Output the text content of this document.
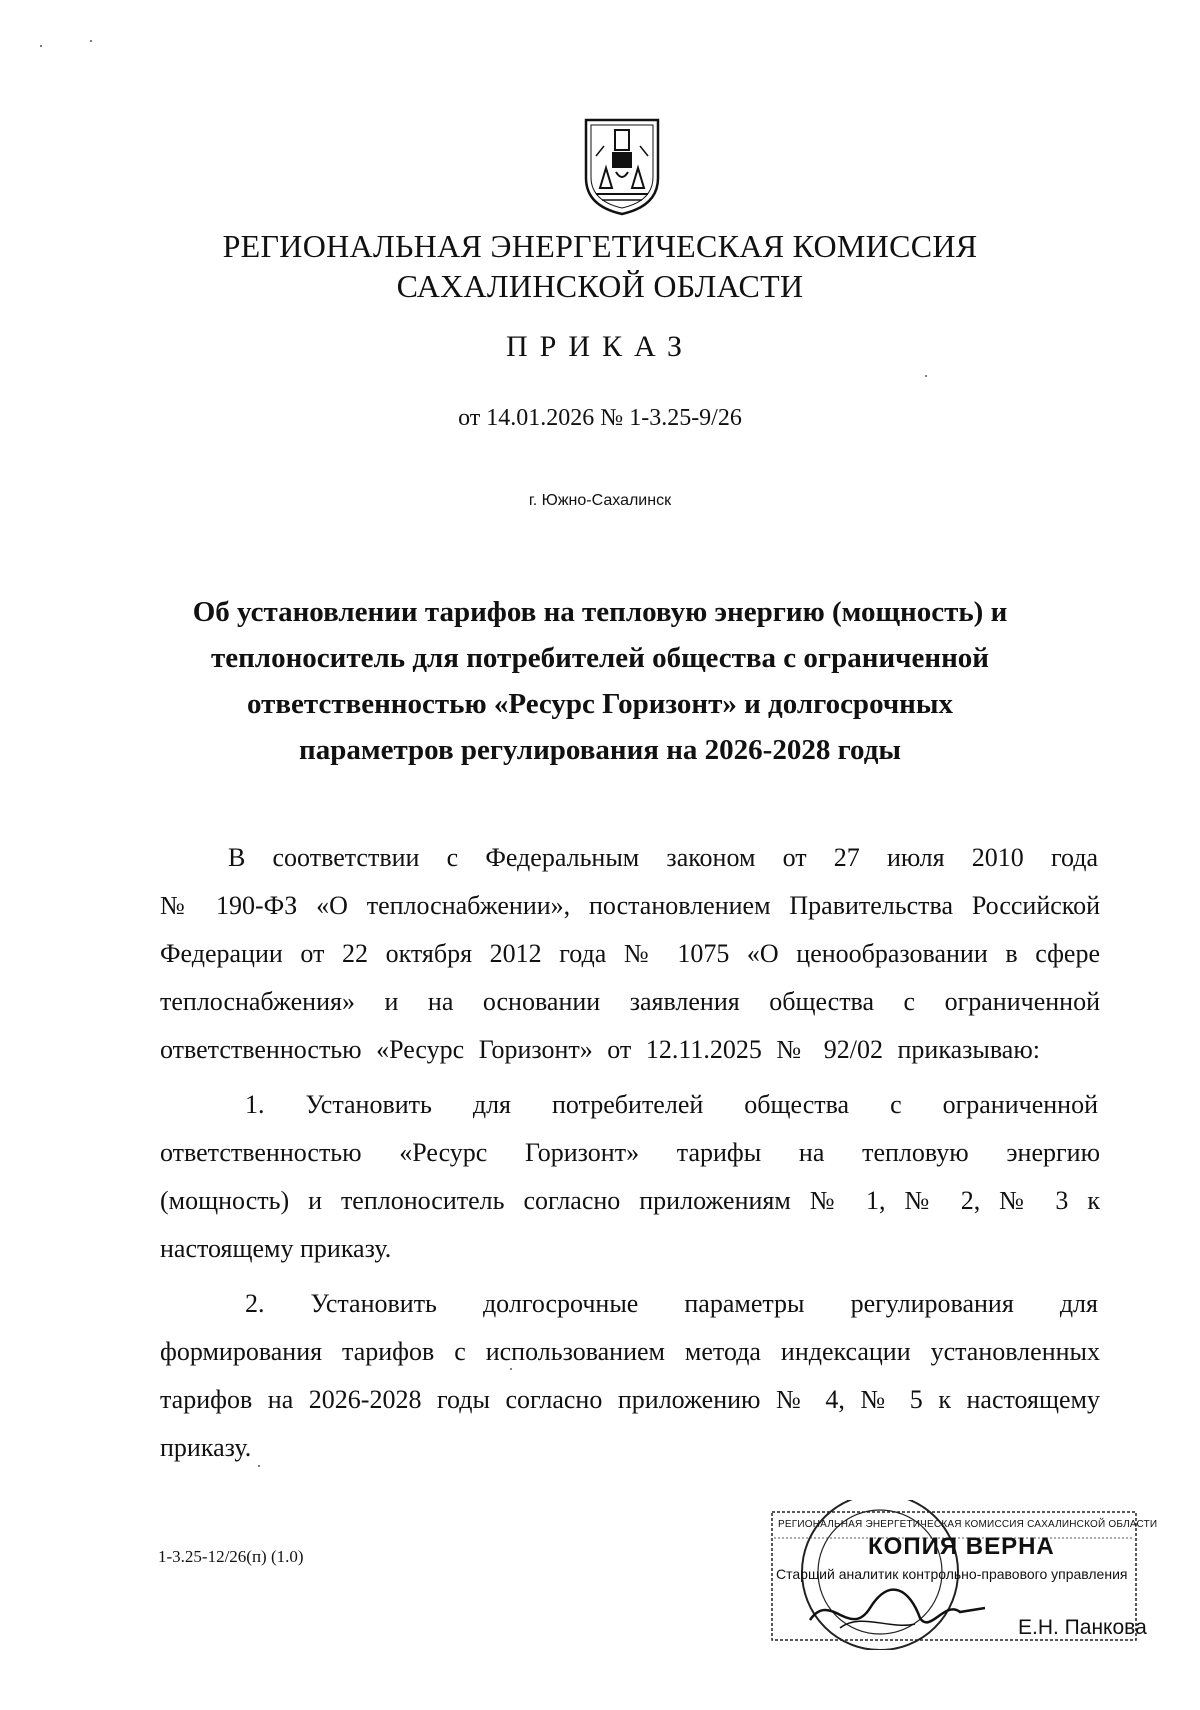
РЕГИОНАЛЬНАЯ ЭНЕРГЕТИЧЕСКАЯ КОМИССИЯ
САХАЛИНСКОЙ ОБЛАСТИ
ПРИКАЗ
от 14.01.2026 № 1-3.25-9/26
г. Южно-Сахалинск
Об установлении тарифов на тепловую энергию (мощность) и
теплоноситель для потребителей общества с ограниченной
ответственностью «Ресурс Горизонт» и долгосрочных
параметров регулирования на 2026-2028 годы
В соответствии с Федеральным законом от 27 июля 2010 года
№ 190-ФЗ «О теплоснабжении», постановлением Правительства Российской
Федерации от 22 октября 2012 года № 1075 «О ценообразовании в сфере
теплоснабжения» и на основании заявления общества с ограниченной
ответственностью «Ресурс Горизонт» от 12.11.2025 № 92/02 приказываю:
1. Установить для потребителей общества с ограниченной
ответственностью «Ресурс Горизонт» тарифы на тепловую энергию
(мощность) и теплоноситель согласно приложениям № 1, № 2, № 3 к
настоящему приказу.
2. Установить долгосрочные параметры регулирования для
формирования тарифов с использованием метода индексации установленных
тарифов на 2026-2028 годы согласно приложению № 4, № 5 к настоящему
приказу.
1-3.25-12/26(п) (1.0)
РЕГИОНАЛЬНАЯ ЭНЕРГЕТИЧЕСКАЯ КОМИССИЯ САХАЛИНСКОЙ ОБЛАСТИ
КОПИЯ ВЕРНА
Старший аналитик контрольно-правового управления
Е.Н. Панкова
